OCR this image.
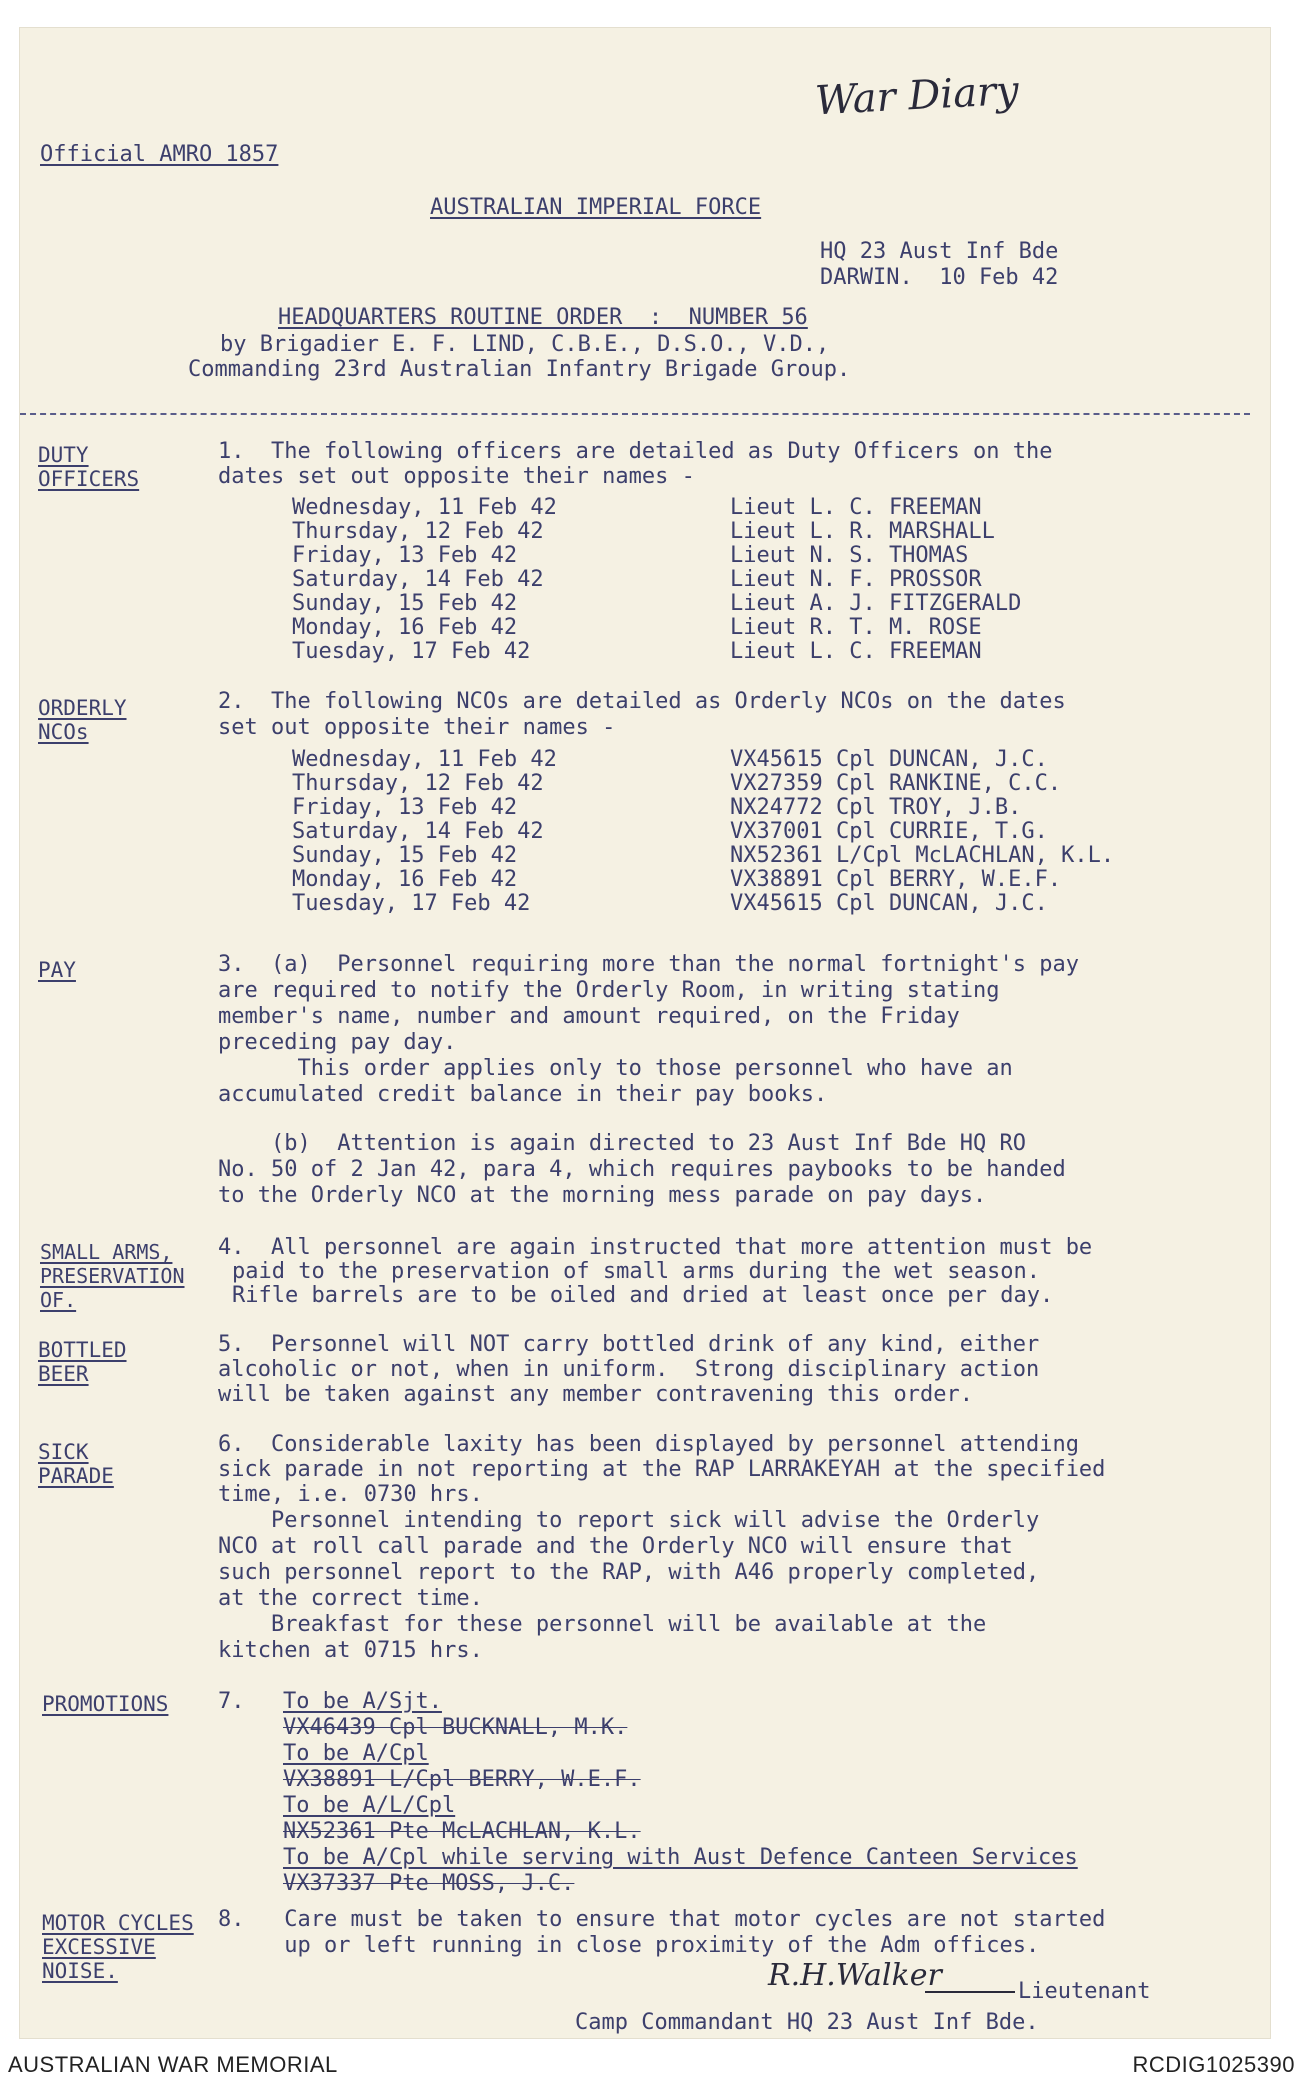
War Diary
Official AMRO 1857
AUSTRALIAN IMPERIAL FORCE
HQ 23 Aust Inf Bde
DARWIN.  10 Feb 42
HEADQUARTERS ROUTINE ORDER  :  NUMBER 56
by Brigadier E. F. LIND, C.B.E., D.S.O., V.D.,
Commanding 23rd Australian Infantry Brigade Group.
DUTY
OFFICERS
1.  The following officers are detailed as Duty Officers on the
dates set out opposite their names -
Wednesday, 11 Feb 42	Lieut L. C. FREEMAN
Thursday, 12 Feb 42	Lieut L. R. MARSHALL
Friday, 13 Feb 42	Lieut N. S. THOMAS
Saturday, 14 Feb 42	Lieut N. F. PROSSOR
Sunday, 15 Feb 42	Lieut A. J. FITZGERALD
Monday, 16 Feb 42	Lieut R. T. M. ROSE
Tuesday, 17 Feb 42	Lieut L. C. FREEMAN
ORDERLY
NCOs
2.  The following NCOs are detailed as Orderly NCOs on the dates
set out opposite their names -
Wednesday, 11 Feb 42	VX45615 Cpl DUNCAN, J.C.
Thursday, 12 Feb 42	VX27359 Cpl RANKINE, C.C.
Friday, 13 Feb 42	NX24772 Cpl TROY, J.B.
Saturday, 14 Feb 42	VX37001 Cpl CURRIE, T.G.
Sunday, 15 Feb 42	NX52361 L/Cpl McLACHLAN, K.L.
Monday, 16 Feb 42	VX38891 Cpl BERRY, W.E.F.
Tuesday, 17 Feb 42	VX45615 Cpl DUNCAN, J.C.
PAY	3.  (a)  Personnel requiring more than the normal fortnight's pay
are required to notify the Orderly Room, in writing stating
member's name, number and amount required, on the Friday
preceding pay day.
This order applies only to those personnel who have an
accumulated credit balance in their pay books.
(b)  Attention is again directed to 23 Aust Inf Bde HQ RO
No. 50 of 2 Jan 42, para 4, which requires paybooks to be handed
to the Orderly NCO at the morning mess parade on pay days.
SMALL ARMS,
PRESERVATION
OF.
4.  All personnel are again instructed that more attention must be
paid to the preservation of small arms during the wet season.
Rifle barrels are to be oiled and dried at least once per day.
BOTTLED
BEER
5.  Personnel will NOT carry bottled drink of any kind, either
alcoholic or not, when in uniform.  Strong disciplinary action
will be taken against any member contravening this order.
SICK
PARADE
6.  Considerable laxity has been displayed by personnel attending
sick parade in not reporting at the RAP LARRAKEYAH at the specified
time, i.e. 0730 hrs.
Personnel intending to report sick will advise the Orderly
NCO at roll call parade and the Orderly NCO will ensure that
such personnel report to the RAP, with A46 properly completed,
at the correct time.
Breakfast for these personnel will be available at the
kitchen at 0715 hrs.
PROMOTIONS 7. To be A/Sjt.
VX46439 Cpl BUCKNALL, M.K.
To be A/Cpl
VX38891 L/Cpl BERRY, W.E.F.
To be A/L/Cpl
NX52361 Pte McLACHLAN, K.L.
To be A/Cpl while serving with Aust Defence Canteen Services
VX37337 Pte MOSS, J.C.
MOTOR CYCLES
EXCESSIVE
NOISE.
8.   Care must be taken to ensure that motor cycles are not started
up or left running in close proximity of the Adm offices.
R.H.Walker	Lieutenant
Camp Commandant HQ 23 Aust Inf Bde.
AUSTRALIAN WAR MEMORIAL	RCDIG1025390
